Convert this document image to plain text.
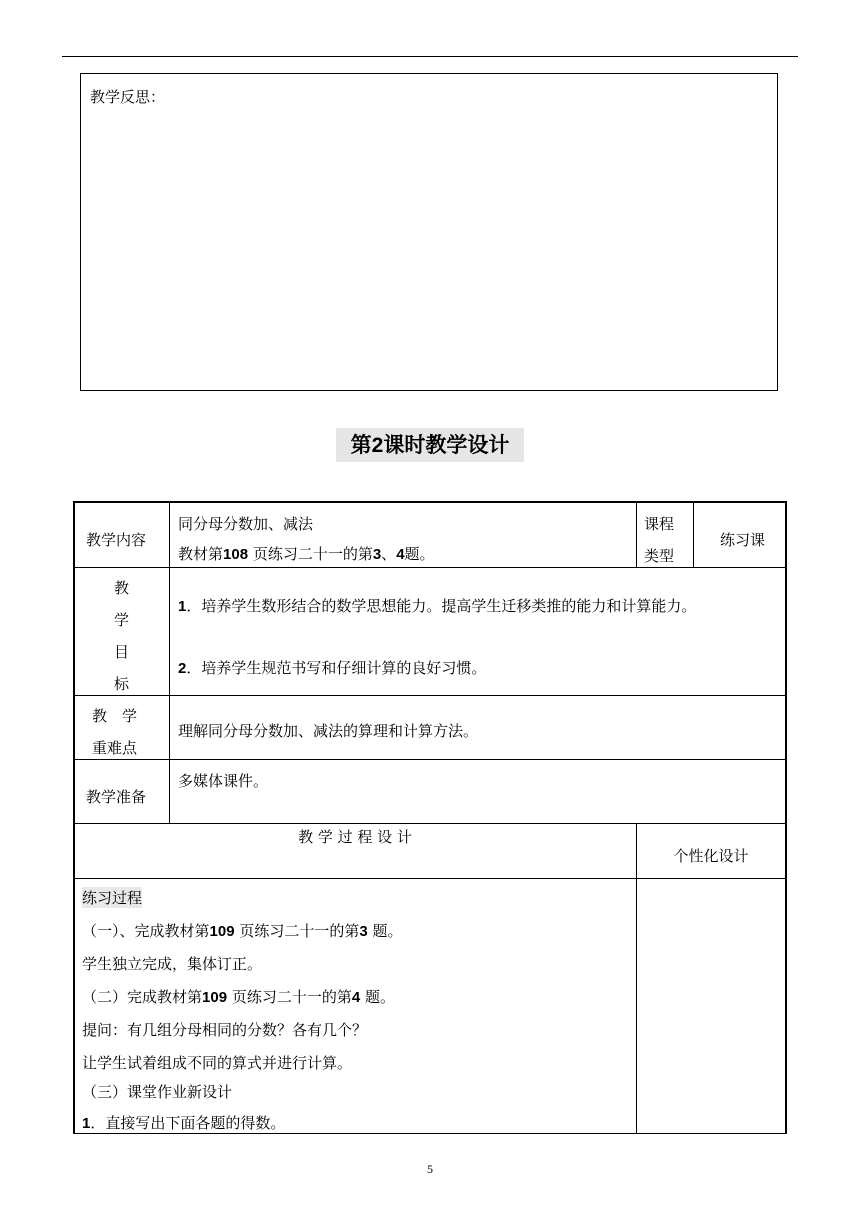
教学反思：
第2课时教学设计
教学内容
同分母分数加、减法
教材第108 页练习二十一的第3、4题。
课程
类型
练习课
教
学
目
标
1．培养学生数形结合的数学思想能力。提高学生迁移类推的能力和计算能力。
2．培养学生规范书写和仔细计算的良好习惯。
教　学
重难点
理解同分母分数加、减法的算理和计算方法。
教学准备
多媒体课件。
教 学 过 程 设 计
个性化设计
练习过程
（一）、完成教材第109 页练习二十一的第3 题。
学生独立完成，集体订正。
（二）完成教材第109 页练习二十一的第4 题。
提问：有几组分母相同的分数？各有几个？
让学生试着组成不同的算式并进行计算。
（三）课堂作业新设计
1．直接写出下面各题的得数。
5
